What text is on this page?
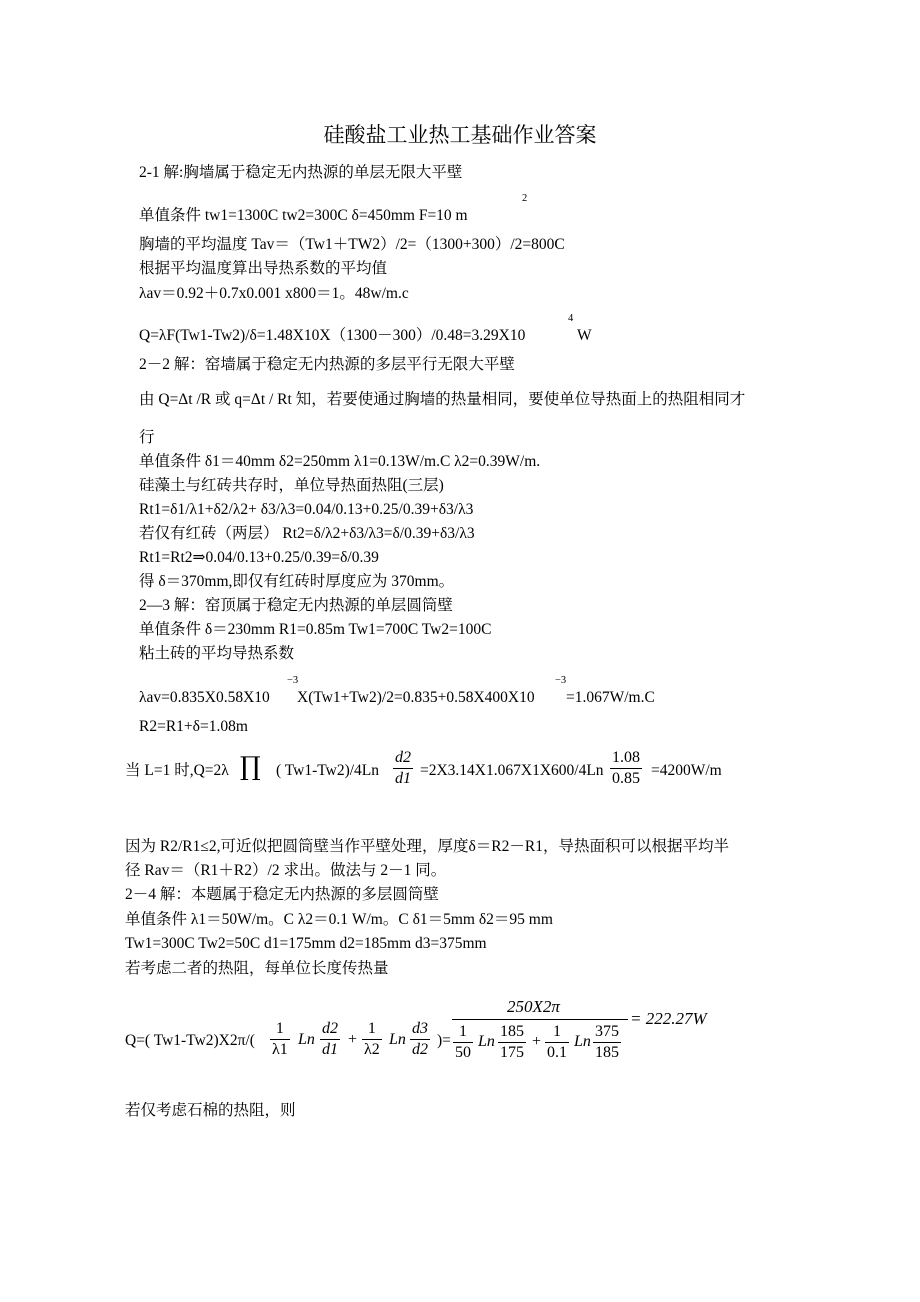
硅酸盐工业热工基础作业答案
2-1 解:胸墙属于稳定无内热源的单层无限大平壁
单值条件 tw1=1300C tw2=300C δ=450mm F=10 m
2
胸墙的平均温度 Tav＝（Tw1＋TW2）/2=（1300+300）/2=800C
根据平均温度算出导热系数的平均值
λav＝0.92＋0.7x0.001 x800＝1。48w/m.c
Q=λF(Tw1-Tw2)/δ=1.48X10X（1300－300）/0.48=3.29X10
4
W
2－2 解：窑墙属于稳定无内热源的多层平行无限大平壁
由 Q=Δt /R 或 q=Δt / Rt 知，若要使通过胸墙的热量相同，要使单位导热面上的热阻相同才
行
单值条件 δ1＝40mm δ2=250mm λ1=0.13W/m.C λ2=0.39W/m.
硅藻土与红砖共存时，单位导热面热阻(三层)
Rt1=δ1/λ1+δ2/λ2+ δ3/λ3=0.04/0.13+0.25/0.39+δ3/λ3
若仅有红砖（两层） Rt2=δ/λ2+δ3/λ3=δ/0.39+δ3/λ3
Rt1=Rt2⇒0.04/0.13+0.25/0.39=δ/0.39
得 δ＝370mm,即仅有红砖时厚度应为 370mm。
2—3 解：窑顶属于稳定无内热源的单层圆筒壁
单值条件 δ＝230mm R1=0.85m Tw1=700C Tw2=100C
粘土砖的平均导热系数
λav=0.835X0.58X10
−3
X(Tw1+Tw2)/2=0.835+0.58X400X10
−3
=1.067W/m.C
R2=R1+δ=1.08m
当 L=1 时,Q=2λ ∏ ( $Tw1-Tw2)/4Ln \frac{d2}{d1} =2X3.14X1.067X1X600/4Ln \frac{1.08}{0.85} =4200W/m$
因为 R2/R1≤2,可近似把圆筒壁当作平壁处理，厚度δ＝R2－R1，导热面积可以根据平均半
径 Rav＝（R1＋R2）/2 求出。做法与 2－1 同。
2－4 解：本题属于稳定无内热源的多层圆筒壁
单值条件 λ1＝50W/m。C λ2＝0.1 W/m。C δ1＝5mm δ2＝95 mm
Tw1=300C Tw2=50C d1=175mm d2=185mm d3=375mm
若考虑二者的热阻，每单位长度传热量
Q=( $Tw1-Tw2)X2\pi/( \frac{1}{\lambda 1}$ Ln $\frac{d2}{d1} + \frac{1}{\lambda 2}$ Ln $\frac{d3}{d2}$ )=
250X2π
$\frac{1}{50}$ Ln $\frac{185}{175} + \frac{1}{0.1}$ Ln $\frac{375}{185}$
= 222.27W
若仅考虑石棉的热阻，则
